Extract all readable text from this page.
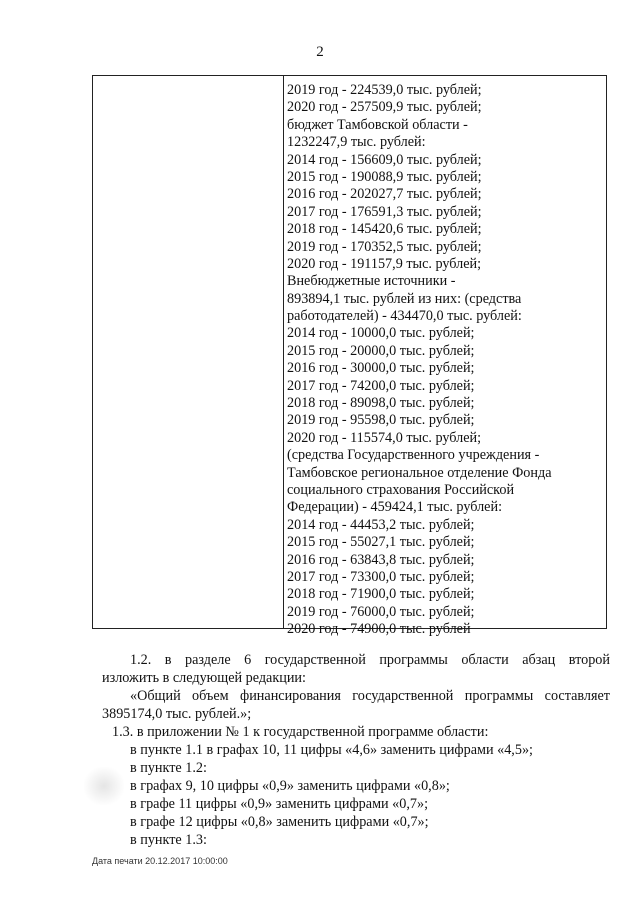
2
2019 год - 224539,0 тыс. рублей;
2020 год - 257509,9 тыс. рублей;
бюджет Тамбовской области -
1232247,9 тыс. рублей:
2014 год - 156609,0 тыс. рублей;
2015 год - 190088,9 тыс. рублей;
2016 год - 202027,7 тыс. рублей;
2017 год - 176591,3 тыс. рублей;
2018 год - 145420,6 тыс. рублей;
2019 год - 170352,5 тыс. рублей;
2020 год - 191157,9 тыс. рублей;
Внебюджетные источники -
893894,1 тыс. рублей из них: (средства
работодателей) - 434470,0 тыс. рублей:
2014 год - 10000,0 тыс. рублей;
2015 год - 20000,0 тыс. рублей;
2016 год - 30000,0 тыс. рублей;
2017 год - 74200,0 тыс. рублей;
2018 год - 89098,0 тыс. рублей;
2019 год - 95598,0 тыс. рублей;
2020 год - 115574,0 тыс. рублей;
(средства Государственного учреждения -
Тамбовское региональное отделение Фонда
социального страхования Российской
Федерации) - 459424,1 тыс. рублей:
2014 год - 44453,2 тыс. рублей;
2015 год - 55027,1 тыс. рублей;
2016 год - 63843,8 тыс. рублей;
2017 год - 73300,0 тыс. рублей;
2018 год - 71900,0 тыс. рублей;
2019 год - 76000,0 тыс. рублей;
2020 год - 74900,0 тыс. рублей
1.2. в разделе 6 государственной программы области абзац второй
изложить в следующей редакции:
«Общий объем финансирования государственной программы составляет
3895174,0 тыс. рублей.»;
1.3. в приложении № 1 к государственной программе области:
в пункте 1.1 в графах 10, 11 цифры «4,6» заменить цифрами «4,5»;
в пункте 1.2:
в графах 9, 10 цифры «0,9» заменить цифрами «0,8»;
в графе 11 цифры «0,9» заменить цифрами «0,7»;
в графе 12 цифры «0,8» заменить цифрами «0,7»;
в пункте 1.3:
Дата печати 20.12.2017 10:00:00
